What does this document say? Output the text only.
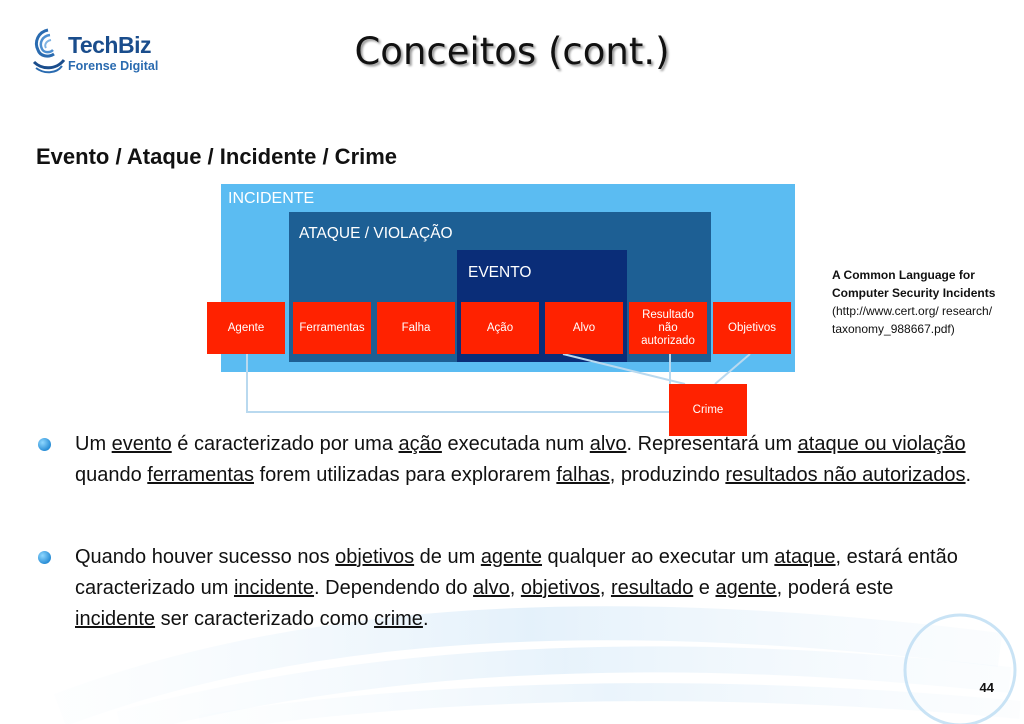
TechBiz
Forense Digital	Conceitos (cont.)
Evento / Ataque / Incidente / Crime
INCIDENTE
ATAQUE / VIOLAÇÃO
EVENTO
Agente	Ferramentas	Falha	Ação	Alvo
Resultado não autorizado
Objetivos
Crime
A Common Language for Computer Security Incidents
(http://www.cert.org/ research/ taxonomy_988667.pdf)
Um evento é caracterizado por uma ação executada num alvo. Representará um ataque ou violação quando ferramentas forem utilizadas para explorarem falhas, produzindo resultados não autorizados.
Quando houver sucesso nos objetivos de um agente qualquer ao executar um ataque, estará então caracterizado um incidente. Dependendo do alvo, objetivos, resultado e agente, poderá este incidente ser caracterizado como crime.
44
